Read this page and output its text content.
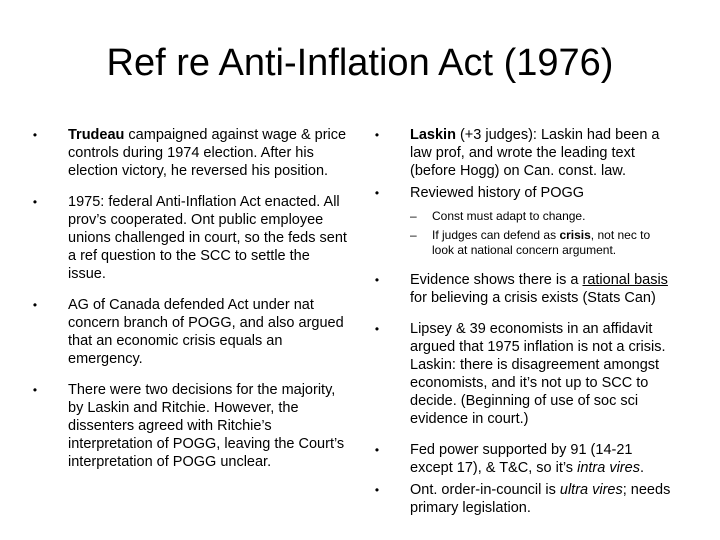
Ref re Anti‑Inflation Act (1976)
• Trudeau campaigned against wage & price controls during 1974 election. After his election victory, he reversed his position.
• 1975: federal Anti-Inflation Act enacted. All prov’s cooperated. Ont public employee unions challenged in court, so the feds sent a ref question to the SCC to settle the issue.
• AG of Canada defended Act under nat concern branch of POGG, and also argued that an economic crisis equals an emergency.
• There were two decisions for the majority, by Laskin and Ritchie. However, the dissenters agreed with Ritchie’s interpretation of POGG, leaving the Court’s interpretation of POGG unclear.
• Laskin (+3 judges): Laskin had been a law prof, and wrote the leading text (before Hogg) on Can. const. law.
• Reviewed history of POGG
– Const must adapt to change.
– If judges can defend as crisis, not nec to look at national concern argument.
• Evidence shows there is a rational basis for believing a crisis exists (Stats Can)
• Lipsey & 39 economists in an affidavit argued that 1975 inflation is not a crisis. Laskin: there is disagreement amongst economists, and it’s not up to SCC to decide. (Beginning of use of soc sci evidence in court.)
• Fed power supported by 91 (14‑21 except 17), & T&C, so it’s intra vires.
• Ont. order-in-council is ultra vires; needs primary legislation.
